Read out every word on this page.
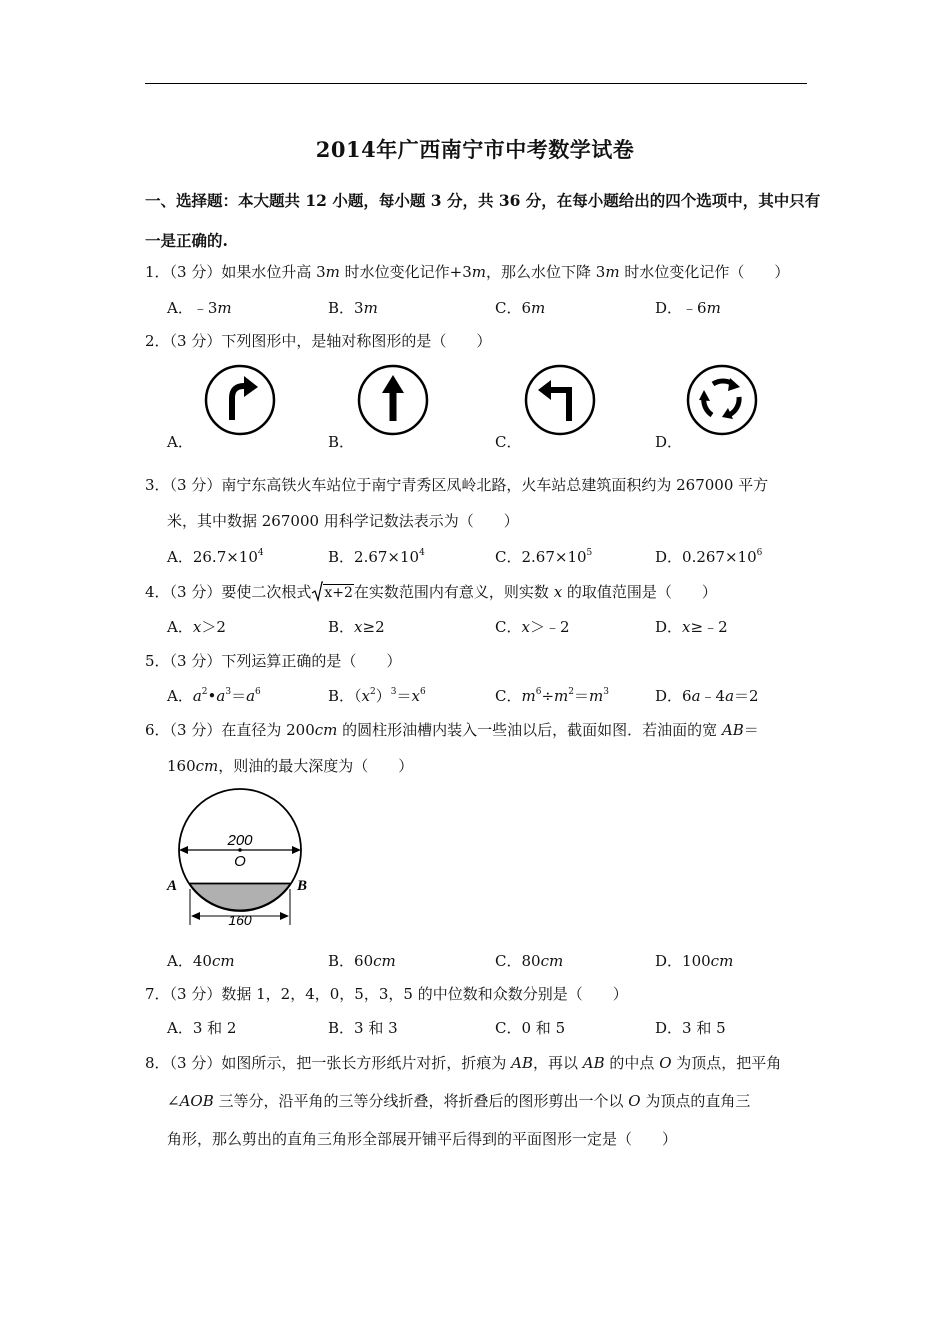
2014年广西南宁市中考数学试卷
一、选择题：本大题共 12 小题，每小题 3 分，共 36 分，在每小题给出的四个选项中，其中只有
一是正确的.
1．（3 分）如果水位升高 3m 时水位变化记作+3m，那么水位下降 3m 时水位变化记作（　　）
A．﹣3m	B．3m	C．6m	D．﹣6m
2．（3 分）下列图形中，是轴对称图形的是（　　）
A．	B．	C．	D．
3．（3 分）南宁东高铁火车站位于南宁青秀区凤岭北路，火车站总建筑面积约为 267000 平方
米，其中数据 267000 用科学记数法表示为（　　）
A．$26.7\times 10^4$	B．$2.67\times 10^4$	C．$2.67\times 10^5$	D．$0.267\times 10^6$
4．（3 分）要使二次根式 x+2在实数范围内有意义，则实数 x 的取值范围是（　　）
A．x＞2	B．x≥2	C．x＞﹣2	D．x≥﹣2
5．（3 分）下列运算正确的是（　　）
A．$a^2•a^3=a^6$	B．$(x^2)^3=x^6$	C．$m^6\div m^2=m^3$	D．6a﹣4a＝2
6．（3 分）在直径为 200cm 的圆柱形油槽内装入一些油以后，截面如图．若油面的宽 AB＝
160cm，则油的最大深度为（　　）
200
O
A	B
160
A．40cm	B．60cm	C．80cm	D．100cm
7．（3 分）数据 1，2，4，0，5，3，5 的中位数和众数分别是（　　）
A．3 和 2	B．3 和 3	C．0 和 5	D．3 和 5
8．（3 分）如图所示，把一张长方形纸片对折，折痕为 AB，再以 AB 的中点 O 为顶点，把平角
∠AOB 三等分，沿平角的三等分线折叠，将折叠后的图形剪出一个以 O 为顶点的直角三
角形，那么剪出的直角三角形全部展开铺平后得到的平面图形一定是（　　）
